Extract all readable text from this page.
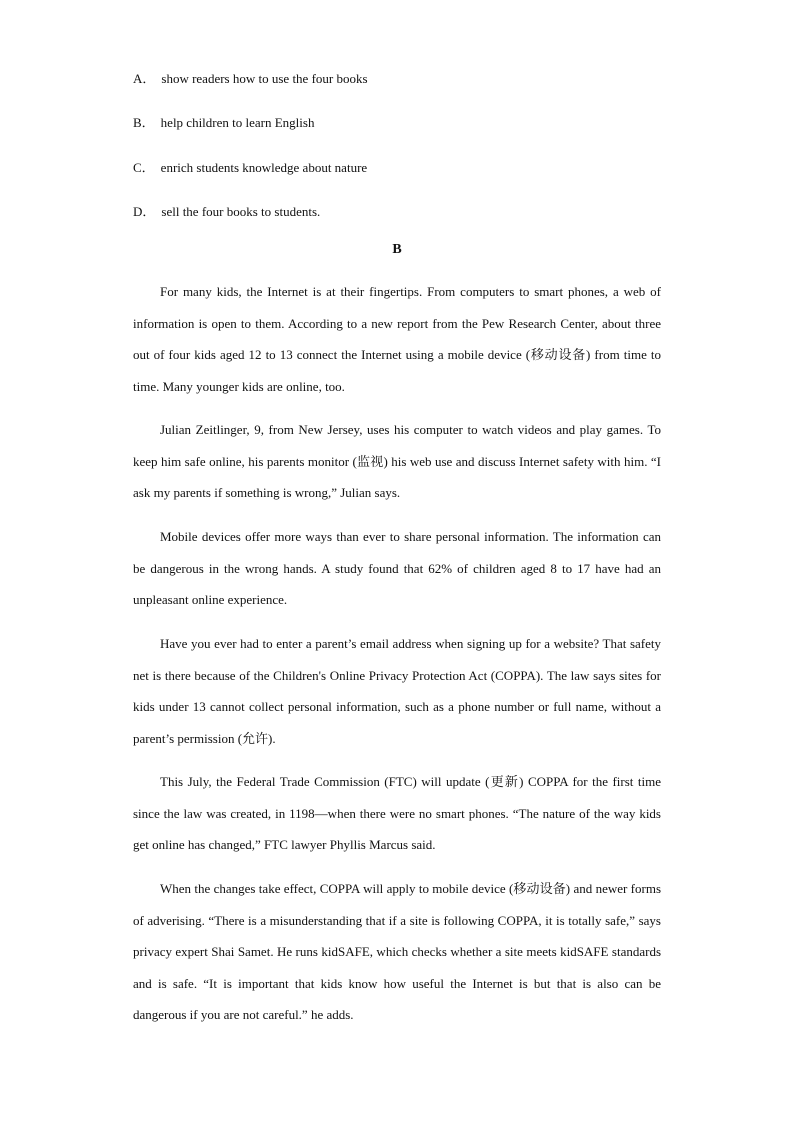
A． show readers how to use the four books
B． help children to learn English
C． enrich students knowledge about nature
D． sell the four books to students.
B

For many kids, the Internet is at their fingertips. From computers to smart phones, a web of information is open to them. According to a new report from the Pew Research Center, about three out of four kids aged 12 to 13 connect the Internet using a mobile device (移动设备) from time to time. Many younger kids are online, too.

Julian Zeitlinger, 9, from New Jersey, uses his computer to watch videos and play games. To keep him safe online, his parents monitor (监视) his web use and discuss Internet safety with him. “I ask my parents if something is wrong,” Julian says.

Mobile devices offer more ways than ever to share personal information. The information can be dangerous in the wrong hands. A study found that 62% of children aged 8 to 17 have had an unpleasant online experience.

Have you ever had to enter a parent’s email address when signing up for a website? That safety net is there because of the Children's Online Privacy Protection Act (COPPA). The law says sites for kids under 13 cannot collect personal information, such as a phone number or full name, without a parent’s permission (允许).

This July, the Federal Trade Commission (FTC) will update (更新) COPPA for the first time since the law was created, in 1198—when there were no smart phones. “The nature of the way kids get online has changed,” FTC lawyer Phyllis Marcus said.

When the changes take effect, COPPA will apply to mobile device (移动设备) and newer forms of adverising. “There is a misunderstanding that if a site is following COPPA, it is totally safe,” says privacy expert Shai Samet. He runs kidSAFE, which checks whether a site meets kidSAFE standards and is safe. “It is important that kids know how useful the Internet is but that is also can be dangerous if you are not careful.” he adds.
